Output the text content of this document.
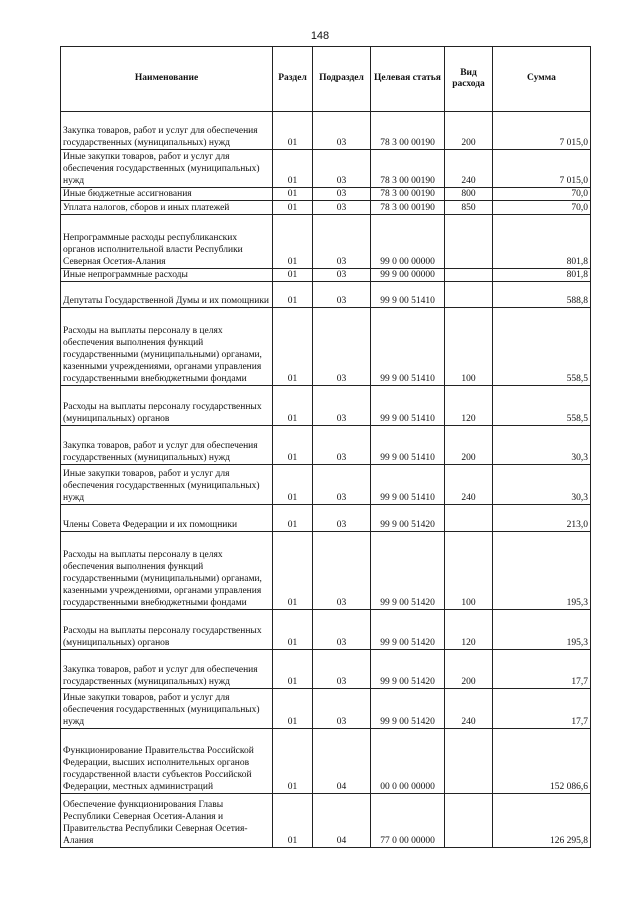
148
Наименование	Раздел	Подраздел	Целевая статья	Вид расхода	Сумма
Закупка товаров, работ и услуг для обеспечения государственных (муниципальных) нужд	01	03	78 3 00 00190	200	7 015,0
Иные закупки товаров, работ и услуг для обеспечения государственных (муниципальных) нужд	01	03	78 3 00 00190	240	7 015,0
Иные бюджетные ассигнования	01	03	78 3 00 00190	800	70,0
Уплата налогов, сборов и иных платежей	01	03	78 3 00 00190	850	70,0
Непрограммные расходы республиканских органов исполнительной власти Республики Северная Осетия-Алания	01	03	99 0 00 00000		801,8
Иные непрограммные расходы	01	03	99 9 00 00000		801,8
Депутаты Государственной Думы и их помощники	01	03	99 9 00 51410		588,8
Расходы на выплаты персоналу в целях обеспечения выполнения функций государственными (муниципальными) органами, казенными учреждениями, органами управления государственными внебюджетными фондами	01	03	99 9 00 51410	100	558,5
Расходы на выплаты персоналу государственных (муниципальных) органов	01	03	99 9 00 51410	120	558,5
Закупка товаров, работ и услуг для обеспечения государственных (муниципальных) нужд	01	03	99 9 00 51410	200	30,3
Иные закупки товаров, работ и услуг для обеспечения государственных (муниципальных) нужд	01	03	99 9 00 51410	240	30,3
Члены Совета Федерации и их помощники	01	03	99 9 00 51420		213,0
Расходы на выплаты персоналу в целях обеспечения выполнения функций государственными (муниципальными) органами, казенными учреждениями, органами управления государственными внебюджетными фондами	01	03	99 9 00 51420	100	195,3
Расходы на выплаты персоналу государственных (муниципальных) органов	01	03	99 9 00 51420	120	195,3
Закупка товаров, работ и услуг для обеспечения государственных (муниципальных) нужд	01	03	99 9 00 51420	200	17,7
Иные закупки товаров, работ и услуг для обеспечения государственных (муниципальных) нужд	01	03	99 9 00 51420	240	17,7
Функционирование Правительства Российской Федерации, высших исполнительных органов государственной власти субъектов Российской Федерации, местных администраций	01	04	00 0 00 00000		152 086,6
Обеспечение функционирования Главы Республики Северная Осетия-Алания и Правительства Республики Северная Осетия-Алания	01	04	77 0 00 00000		126 295,8
